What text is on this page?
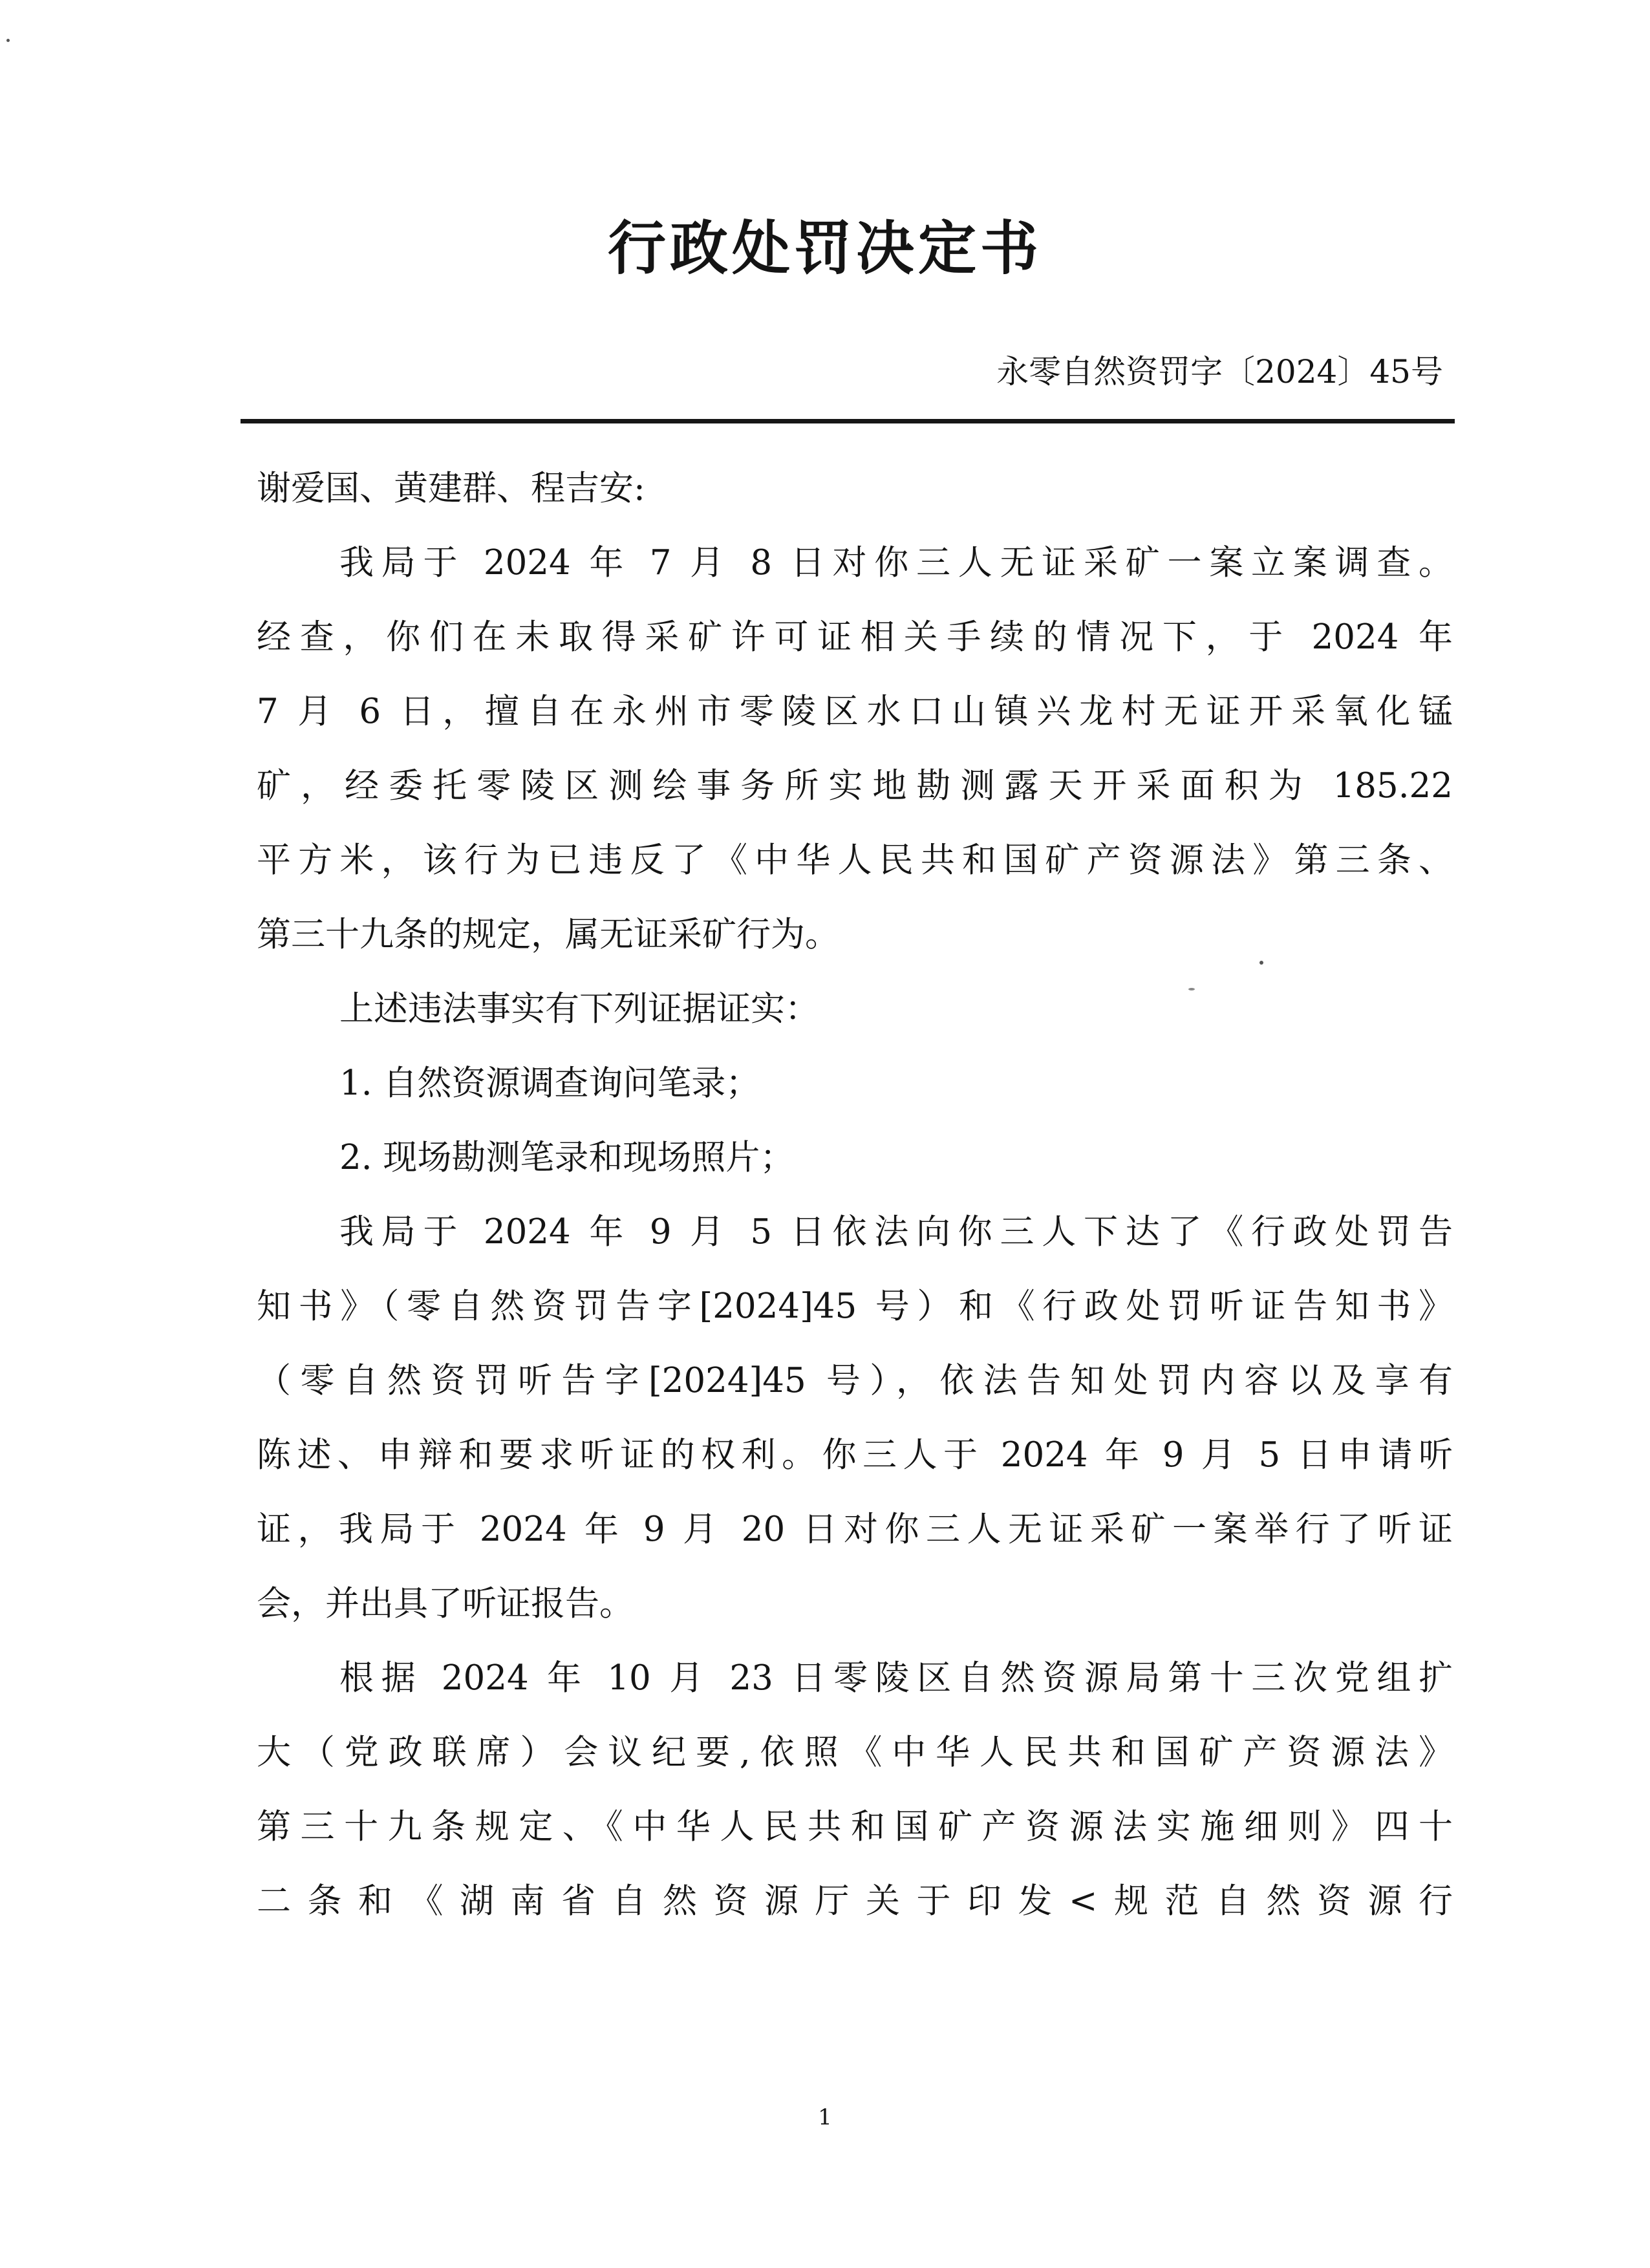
行政处罚决定书
永零自然资罚字〔2024〕45号
谢爱国、黄建群、程吉安:
我局于 2024 年 7 月 8 日对你三人无证采矿一案立案调查。
经查，你们在未取得采矿许可证相关手续的情况下，于 2024 年
7 月 6 日，擅自在永州市零陵区水口山镇兴龙村无证开采氧化锰
矿，经委托零陵区测绘事务所实地勘测露天开采面积为 185.22
平方米，该行为已违反了《中华人民共和国矿产资源法》第三条、
第三十九条的规定，属无证采矿行为。
上述违法事实有下列证据证实：
1. 自然资源调查询问笔录；
2. 现场勘测笔录和现场照片；
我局于 2024 年 9 月 5 日依法向你三人下达了《行政处罚告
知书》（零自然资罚告字[2024]45 号）和《行政处罚听证告知书》
（零自然资罚听告字[2024]45 号），依法告知处罚内容以及享有
陈述、申辩和要求听证的权利。你三人于 2024 年 9 月 5 日申请听
证，我局于 2024 年 9 月 20 日对你三人无证采矿一案举行了听证
会，并出具了听证报告。
根据 2024 年 10 月 23 日零陵区自然资源局第十三次党组扩
大（党政联席）会议纪要,依照《中华人民共和国矿产资源法》
第三十九条规定、《中华人民共和国矿产资源法实施细则》四十
二条和《湖南省自然资源厅关于印发<规范自然资源行
1
